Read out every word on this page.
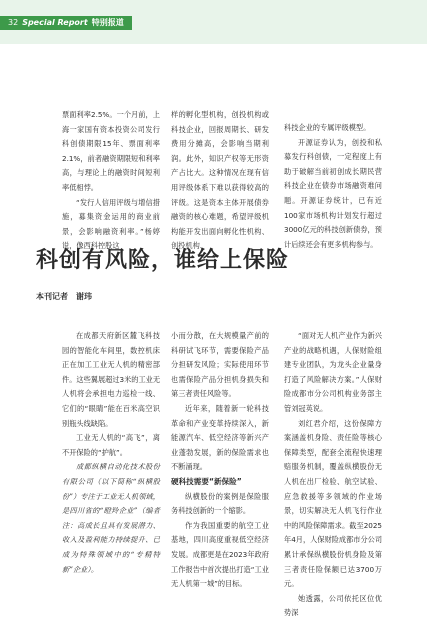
32 Special Report 特别报道

票面利率2.5%。一个月前，上海一家国有资本投资公司发行科创债期限15年、票面利率2.1%，前者融资期限短和利率高，与理论上的融资时间短利率低相悖。

“发行人信用评级与增信措施，募集资金运用的商业前景，会影响融资利率。”杨婷说，像西科控股这

样的孵化型机构，创投机构或科技企业，回报周期长、研发费用分摊高，会影响当期利润。此外，知识产权等无形资产占比大。这种情况在现有信用评级体系下难以获得较高的评级。这是资本主体开展债券融资的核心难题，希望评级机构能开发出面向孵化性机构、创投机构、

科技企业的专属评级模型。

开源证券认为，创投和私募发行科创债，一定程度上有助于破解当前初创成长期民营科技企业在债券市场融资难问题。开源证券统计，已有近100家市场机构计划发行超过3000亿元的科技创新债券，预计后续还会有更多机构参与。

科创有风险，谁给上保险
本刊记者 谢玮

在成都天府新区麓飞科技园的智能化车间里，数控机床正在加工工业无人机的精密部件。这些翼展超过3米的工业无人机将会承担电力巡检一线、它们的“眼睛”能在百米高空识别瓶头线缺陷。

工业无人机的“高飞”，离不开保险的“护航”。

成都纵横自动化技术股份有限公司（以下简称“纵横股份”）专注于工业无人机领域，是四川省的“瞪羚企业”（编者注：高成长且具有发展潜力、收入及盈利能力持续提升、已成为特殊领域中的“专精特新”企业）。

小而分散，在大规模量产前的科研试飞环节，需要保险产品分担研发风险；实际使用环节也需保险产品分担机身损失和第三者责任风险等。

近年来，随着新一轮科技革命和产业变革持续深入，新能源汽车、低空经济等新兴产业蓬勃发展，新的保险需求也不断涌现。

硬科技需要“新保险”

纵横股份的案例是保险服务科技创新的一个缩影。

作为我国重要的航空工业基地，四川高度重视低空经济发展。成都更是在2023年政府工作报告中首次提出打造“工业无人机第一城”的目标。

“面对无人机产业作为新兴产业的战略机遇，人保财险组建专业团队，为龙头企业量身打造了风险解决方案。”人保财险成都市分公司机构业务部主管刘冠英说。

刘红君介绍，这份保障方案涵盖机身险、责任险等核心保障类型，配套全流程快速理赔服务机制，覆盖纵横股份无人机在出厂检验、航空试验、应急救援等多领域的作业场景，切实解决无人机飞行作业中的风险保障需求。截至2025年4月，人保财险成都市分公司累计承保纵横股份机身险及第三者责任险保额已达3700万元。

她透露，公司依托区位优势深
